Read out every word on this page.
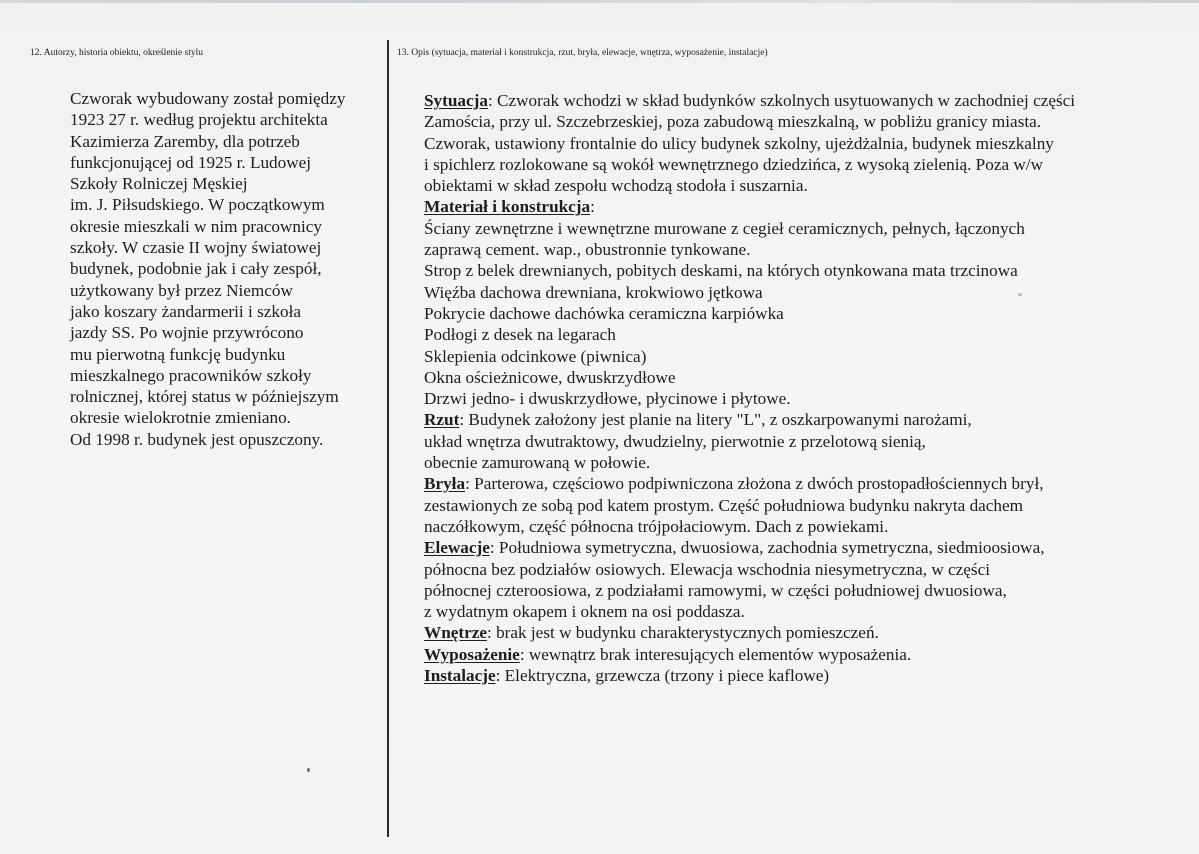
12. Autorzy, historia obiektu, określenie stylu	13. Opis (sytuacja, materiał i konstrukcja, rzut, bryła, elewacje, wnętrza, wyposażenie, instalacje)
Czworak wybudowany został pomiędzy
1923 27 r. według projektu architekta
Kazimierza Zaremby, dla potrzeb
funkcjonującej od 1925 r. Ludowej
Szkoły Rolniczej Męskiej
im. J. Piłsudskiego. W początkowym
okresie mieszkali w nim pracownicy
szkoły. W czasie II wojny światowej
budynek, podobnie jak i cały zespół,
użytkowany był przez Niemców
jako koszary żandarmerii i szkoła
jazdy SS. Po wojnie przywrócono
mu pierwotną funkcję budynku
mieszkalnego pracowników szkoły
rolnicznej, której status w późniejszym
okresie wielokrotnie zmieniano.
Od 1998 r. budynek jest opuszczony.
Sytuacja: Czworak wchodzi w skład budynków szkolnych usytuowanych w zachodniej części
Zamościa, przy ul. Szczebrzeskiej, poza zabudową mieszkalną, w pobliżu granicy miasta.
Czworak, ustawiony frontalnie do ulicy budynek szkolny, ujeżdżalnia, budynek mieszkalny
i spichlerz rozlokowane są wokół wewnętrznego dziedzińca, z wysoką zielenią. Poza w/w
obiektami w skład zespołu wchodzą stodoła i suszarnia.
Materiał i konstrukcja:
Ściany zewnętrzne i wewnętrzne murowane z cegieł ceramicznych, pełnych, łączonych
zaprawą cement. wap., obustronnie tynkowane.
Strop z belek drewnianych, pobitych deskami, na których otynkowana mata trzcinowa
Więźba dachowa drewniana, krokwiowo jętkowa
Pokrycie dachowe dachówka ceramiczna karpiówka
Podłogi z desek na legarach
Sklepienia odcinkowe (piwnica)
Okna ościeżnicowe, dwuskrzydłowe
Drzwi jedno- i dwuskrzydłowe, płycinowe i płytowe.
Rzut: Budynek założony jest planie na litery "L", z oszkarpowanymi narożami,
układ wnętrza dwutraktowy, dwudzielny, pierwotnie z przelotową sienią,
obecnie zamurowaną w połowie.
Bryła: Parterowa, częściowo podpiwniczona złożona z dwóch prostopadłościennych brył,
zestawionych ze sobą pod katem prostym. Część południowa budynku nakryta dachem
naczółkowym, część północna trójpołaciowym. Dach z powiekami.
Elewacje: Południowa symetryczna, dwuosiowa, zachodnia symetryczna, siedmioosiowa,
północna bez podziałów osiowych. Elewacja wschodnia niesymetryczna, w części
północnej czteroosiowa, z podziałami ramowymi, w części południowej dwuosiowa,
z wydatnym okapem i oknem na osi poddasza.
Wnętrze: brak jest w budynku charakterystycznych pomieszczeń.
Wyposażenie: wewnątrz brak interesujących elementów wyposażenia.
Instalacje: Elektryczna, grzewcza (trzony i piece kaflowe)
